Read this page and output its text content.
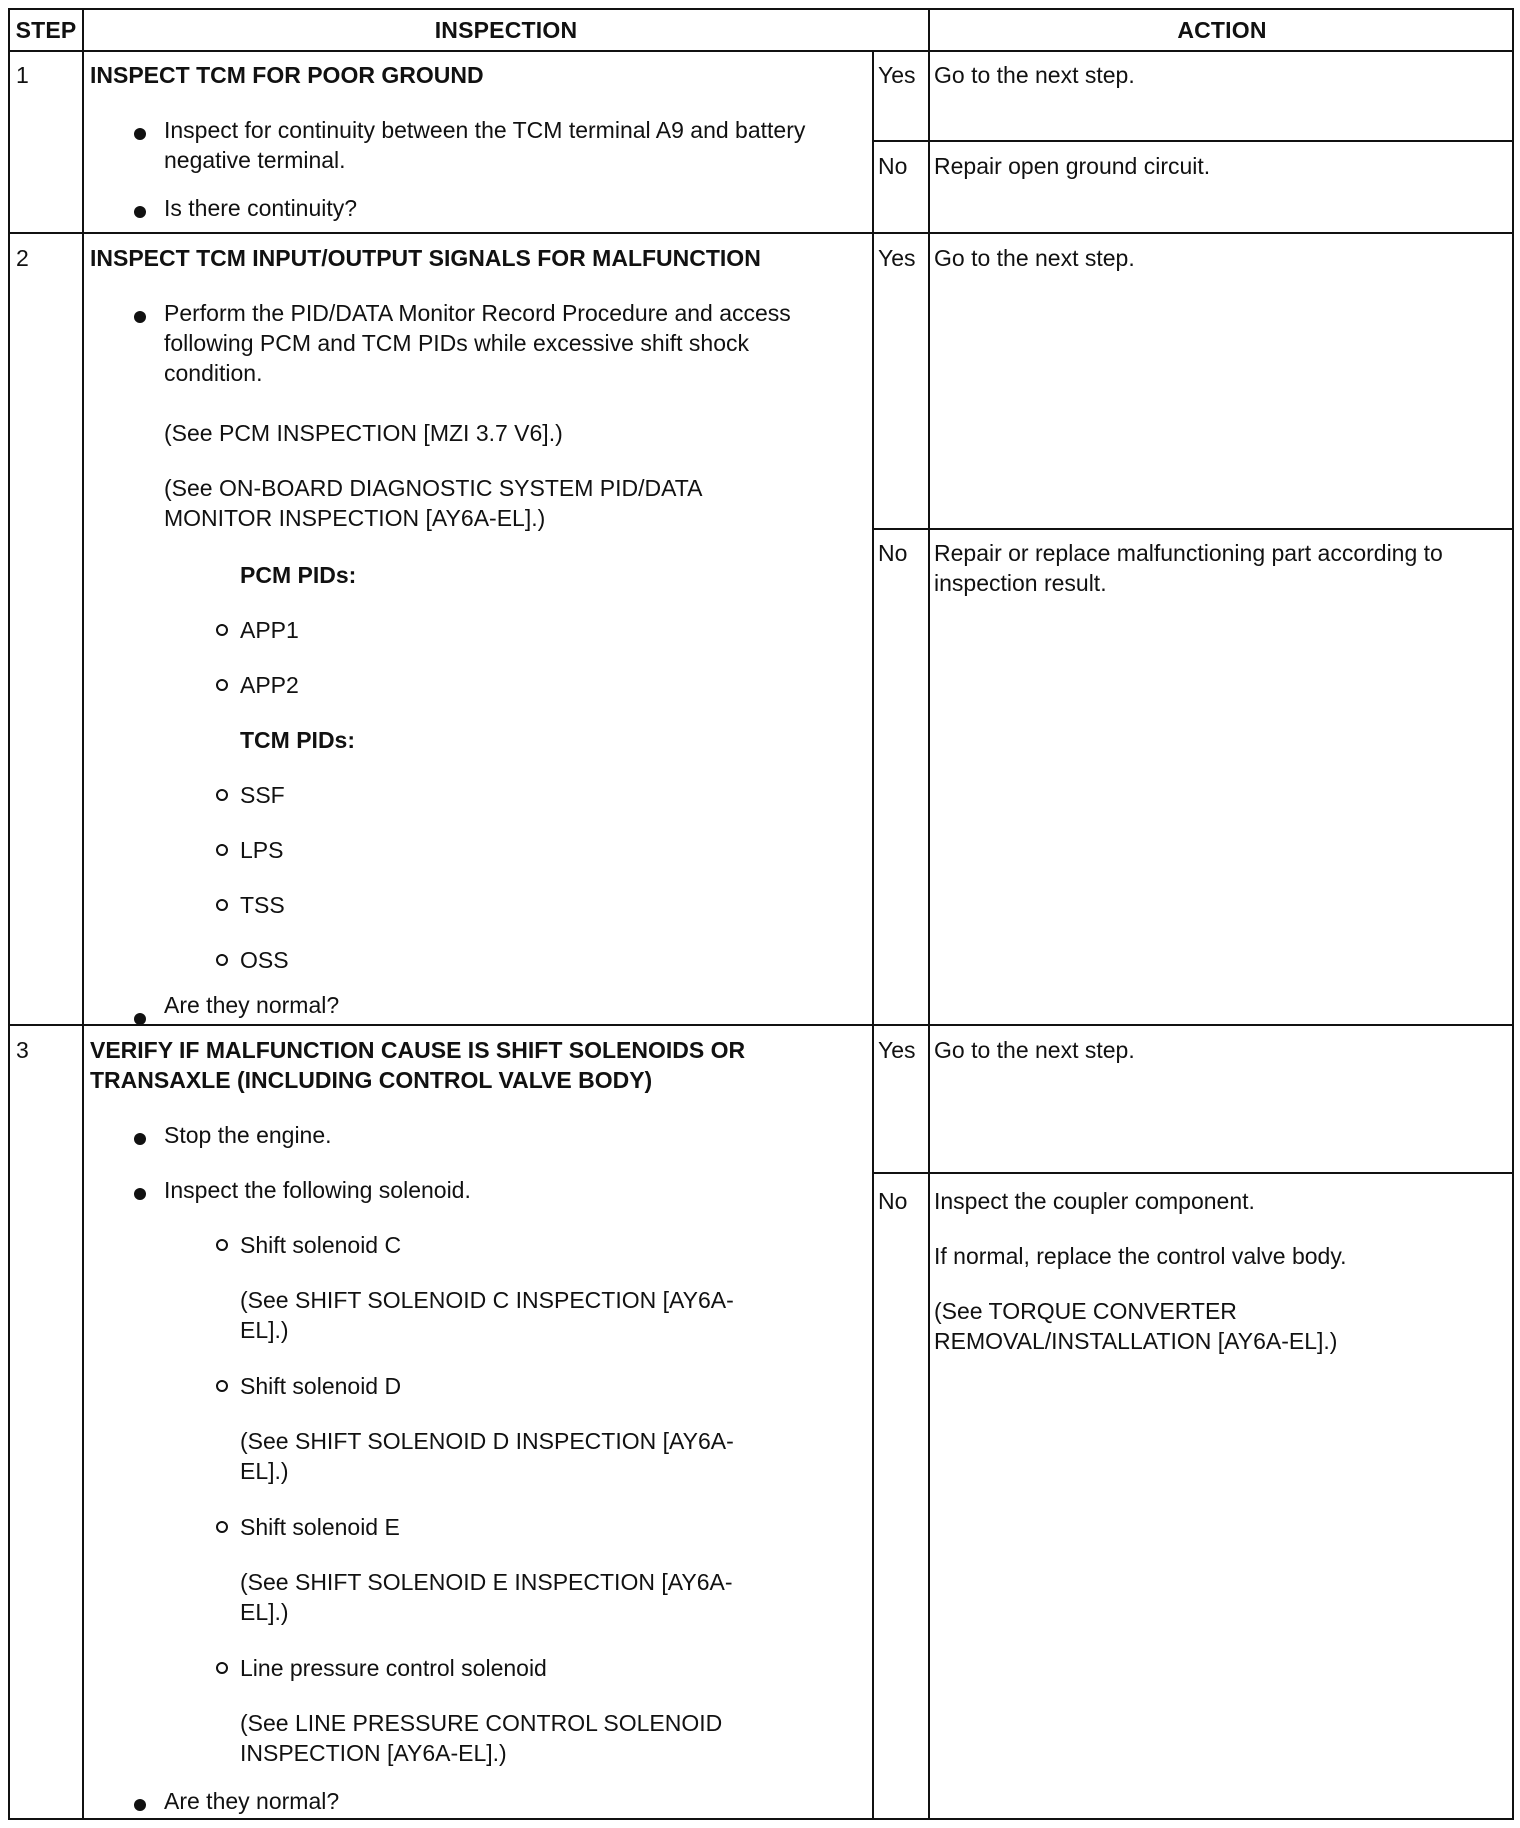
STEP	INSPECTION	ACTION
1	INSPECT TCM FOR POOR GROUND
Inspect for continuity between the TCM terminal A9 and battery negative terminal.
Is there continuity?
Yes Go to the next step.
No Repair open ground circuit.
2	INSPECT TCM INPUT/OUTPUT SIGNALS FOR MALFUNCTION
Perform the PID/DATA Monitor Record Procedure and access following PCM and TCM PIDs while excessive shift shock condition.
(See PCM INSPECTION [MZI 3.7 V6].)
(See ON-BOARD DIAGNOSTIC SYSTEM PID/DATA MONITOR INSPECTION [AY6A-EL].)
PCM PIDs:
APP1
APP2
TCM PIDs:
SSF
LPS
TSS
OSS
Are they normal?
Yes Go to the next step.
No Repair or replace malfunctioning part according to inspection result.
3	VERIFY IF MALFUNCTION CAUSE IS SHIFT SOLENOIDS OR TRANSAXLE (INCLUDING CONTROL VALVE BODY)
Stop the engine.
Inspect the following solenoid.
Shift solenoid C
(See SHIFT SOLENOID C INSPECTION [AY6A-EL].)
Shift solenoid D
(See SHIFT SOLENOID D INSPECTION [AY6A-EL].)
Shift solenoid E
(See SHIFT SOLENOID E INSPECTION [AY6A-EL].)
Line pressure control solenoid
(See LINE PRESSURE CONTROL SOLENOID INSPECTION [AY6A-EL].)
Are they normal?
Yes Go to the next step.
No Inspect the coupler component.
If normal, replace the control valve body.
(See TORQUE CONVERTER REMOVAL/INSTALLATION [AY6A-EL].)
